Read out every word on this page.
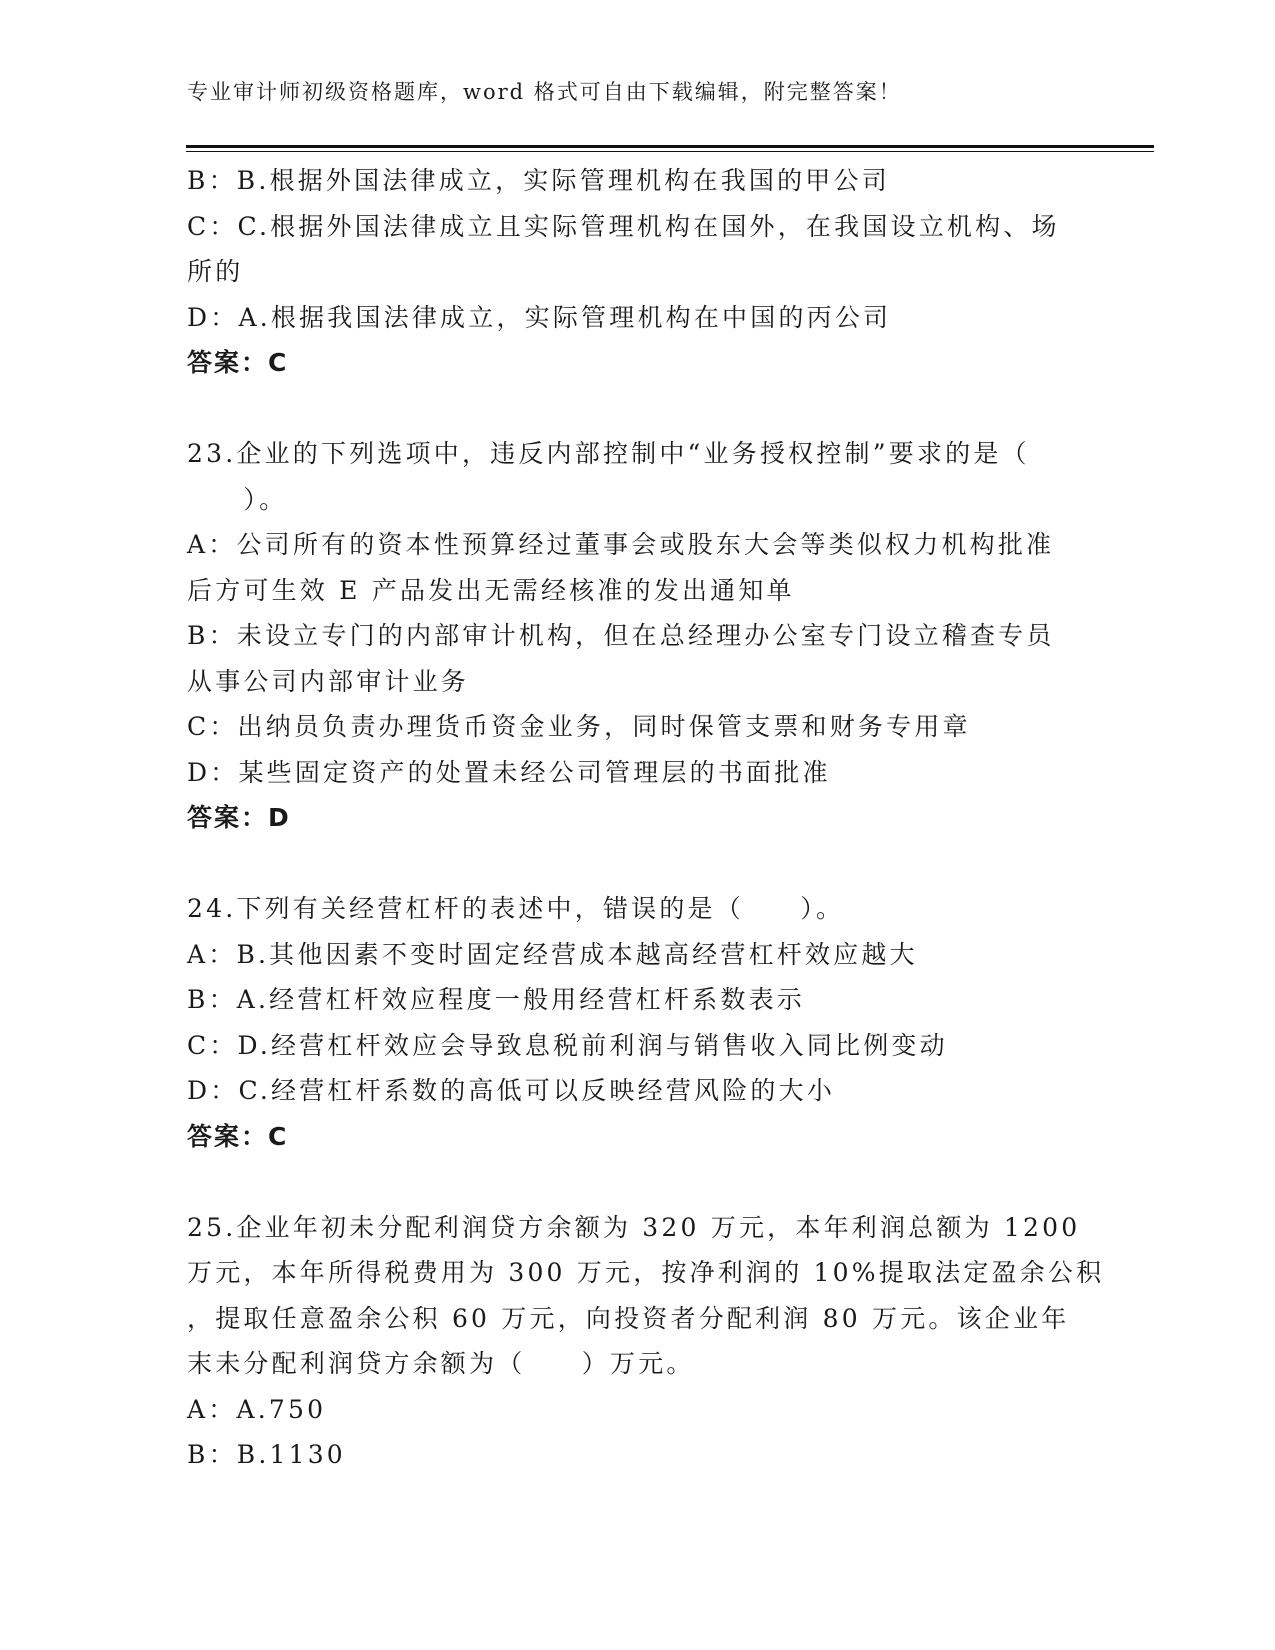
专业审计师初级资格题库，word 格式可自由下载编辑，附完整答案！
B：B.根据外国法律成立，实际管理机构在我国的甲公司
C：C.根据外国法律成立且实际管理机构在国外，在我国设立机构、场
所的
D：A.根据我国法律成立，实际管理机构在中国的丙公司
答案：C
23.企业的下列选项中，违反内部控制中“业务授权控制”要求的是（
　　）。
A：公司所有的资本性预算经过董事会或股东大会等类似权力机构批准
后方可生效 E 产品发出无需经核准的发出通知单
B：未设立专门的内部审计机构，但在总经理办公室专门设立稽查专员
从事公司内部审计业务
C：出纳员负责办理货币资金业务，同时保管支票和财务专用章
D：某些固定资产的处置未经公司管理层的书面批准
答案：D
24.下列有关经营杠杆的表述中，错误的是（　　）。
A：B.其他因素不变时固定经营成本越高经营杠杆效应越大
B：A.经营杠杆效应程度一般用经营杠杆系数表示
C：D.经营杠杆效应会导致息税前利润与销售收入同比例变动
D：C.经营杠杆系数的高低可以反映经营风险的大小
答案：C
25.企业年初未分配利润贷方余额为 320 万元，本年利润总额为 1200
万元，本年所得税费用为 300 万元，按净利润的 10%提取法定盈余公积
，提取任意盈余公积 60 万元，向投资者分配利润 80 万元。该企业年
末未分配利润贷方余额为（　　）万元。
A：A.750
B：B.1130
